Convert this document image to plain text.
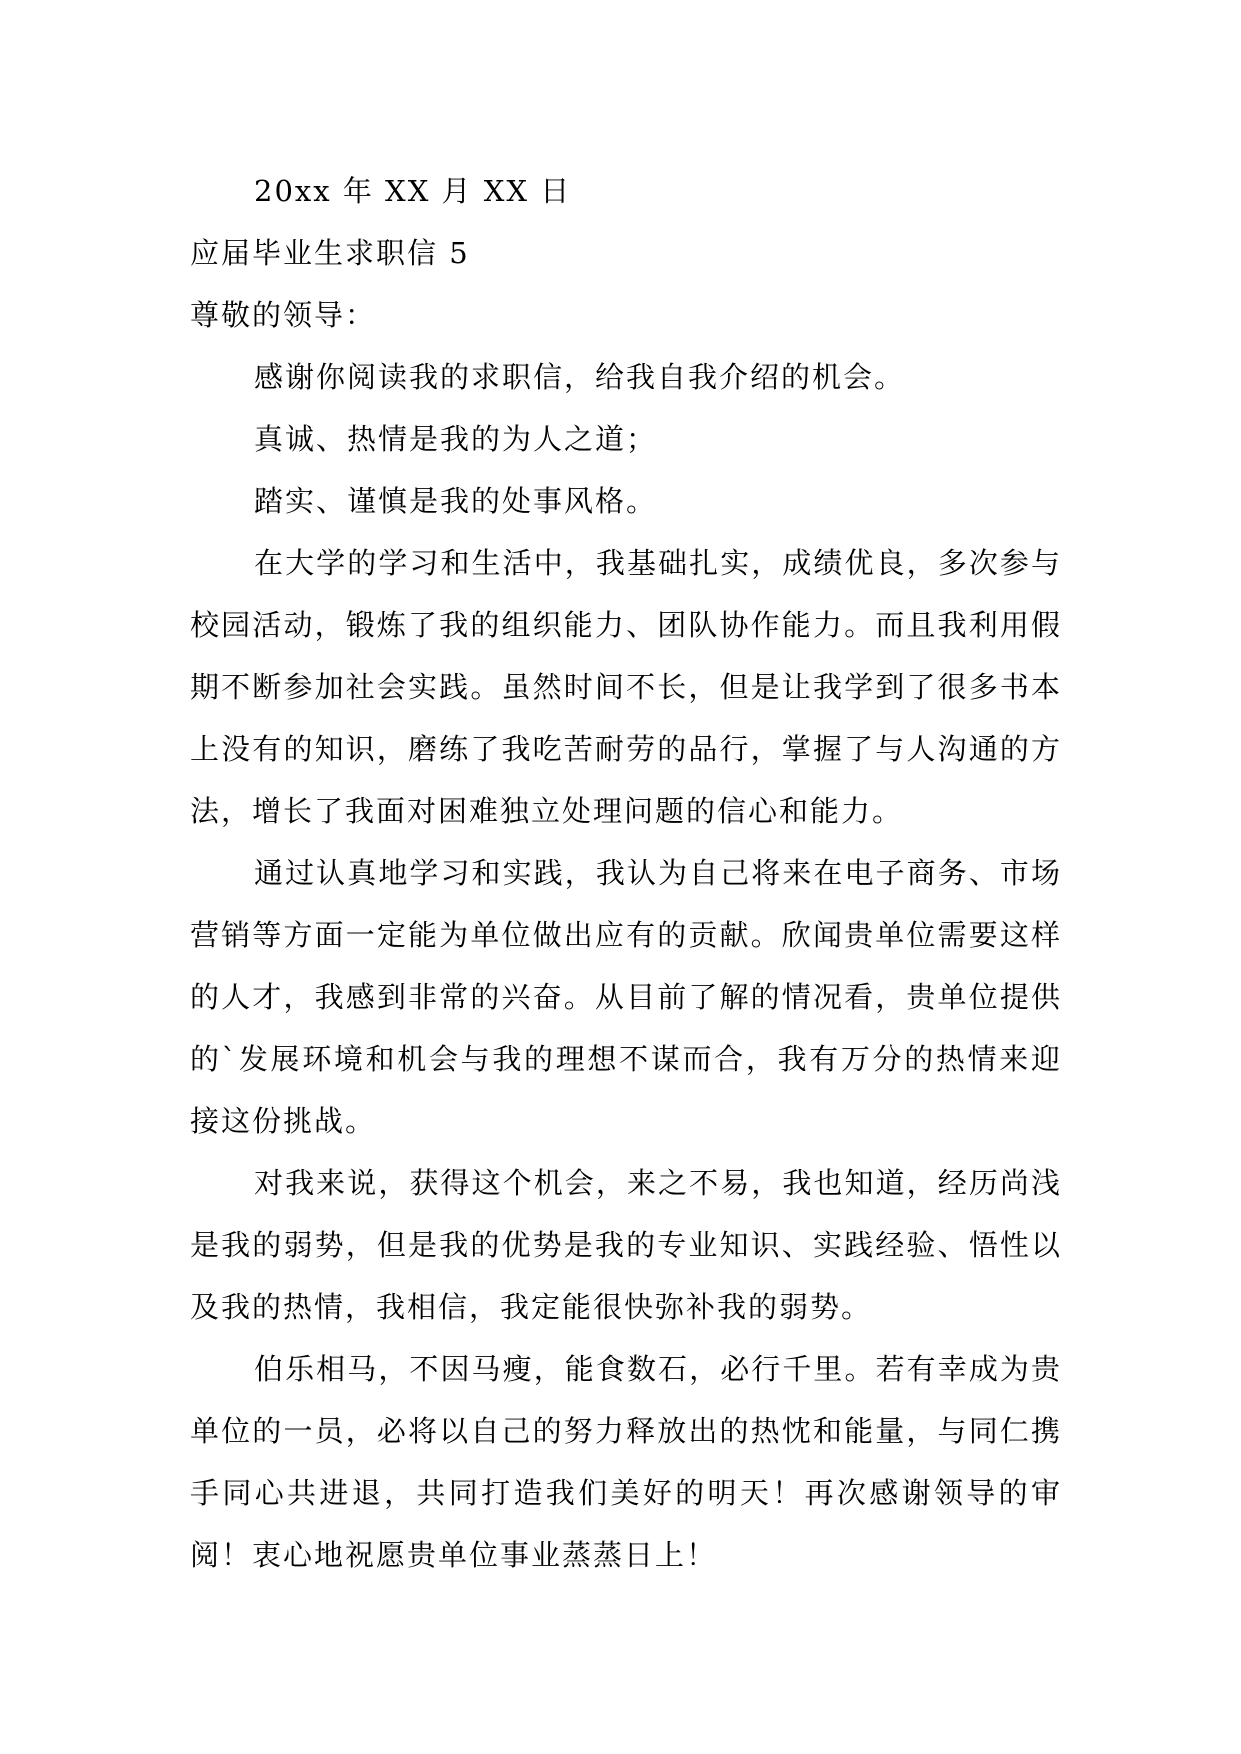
20xx 年 XX 月 XX 日

应届毕业生求职信 5

尊敬的领导：

感谢你阅读我的求职信，给我自我介绍的机会。

真诚、热情是我的为人之道；

踏实、谨慎是我的处事风格。

在大学的学习和生活中，我基础扎实，成绩优良，多次参与校园活动，锻炼了我的组织能力、团队协作能力。而且我利用假期不断参加社会实践。虽然时间不长，但是让我学到了很多书本上没有的知识，磨练了我吃苦耐劳的品行，掌握了与人沟通的方法，增长了我面对困难独立处理问题的信心和能力。

通过认真地学习和实践，我认为自己将来在电子商务、市场营销等方面一定能为单位做出应有的贡献。欣闻贵单位需要这样的人才，我感到非常的兴奋。从目前了解的情况看，贵单位提供的`发展环境和机会与我的理想不谋而合，我有万分的热情来迎接这份挑战。

对我来说，获得这个机会，来之不易，我也知道，经历尚浅是我的弱势，但是我的优势是我的专业知识、实践经验、悟性以及我的热情，我相信，我定能很快弥补我的弱势。

伯乐相马，不因马瘦，能食数石，必行千里。若有幸成为贵单位的一员，必将以自己的努力释放出的热忱和能量，与同仁携手同心共进退，共同打造我们美好的明天！再次感谢领导的审阅！衷心地祝愿贵单位事业蒸蒸日上！
